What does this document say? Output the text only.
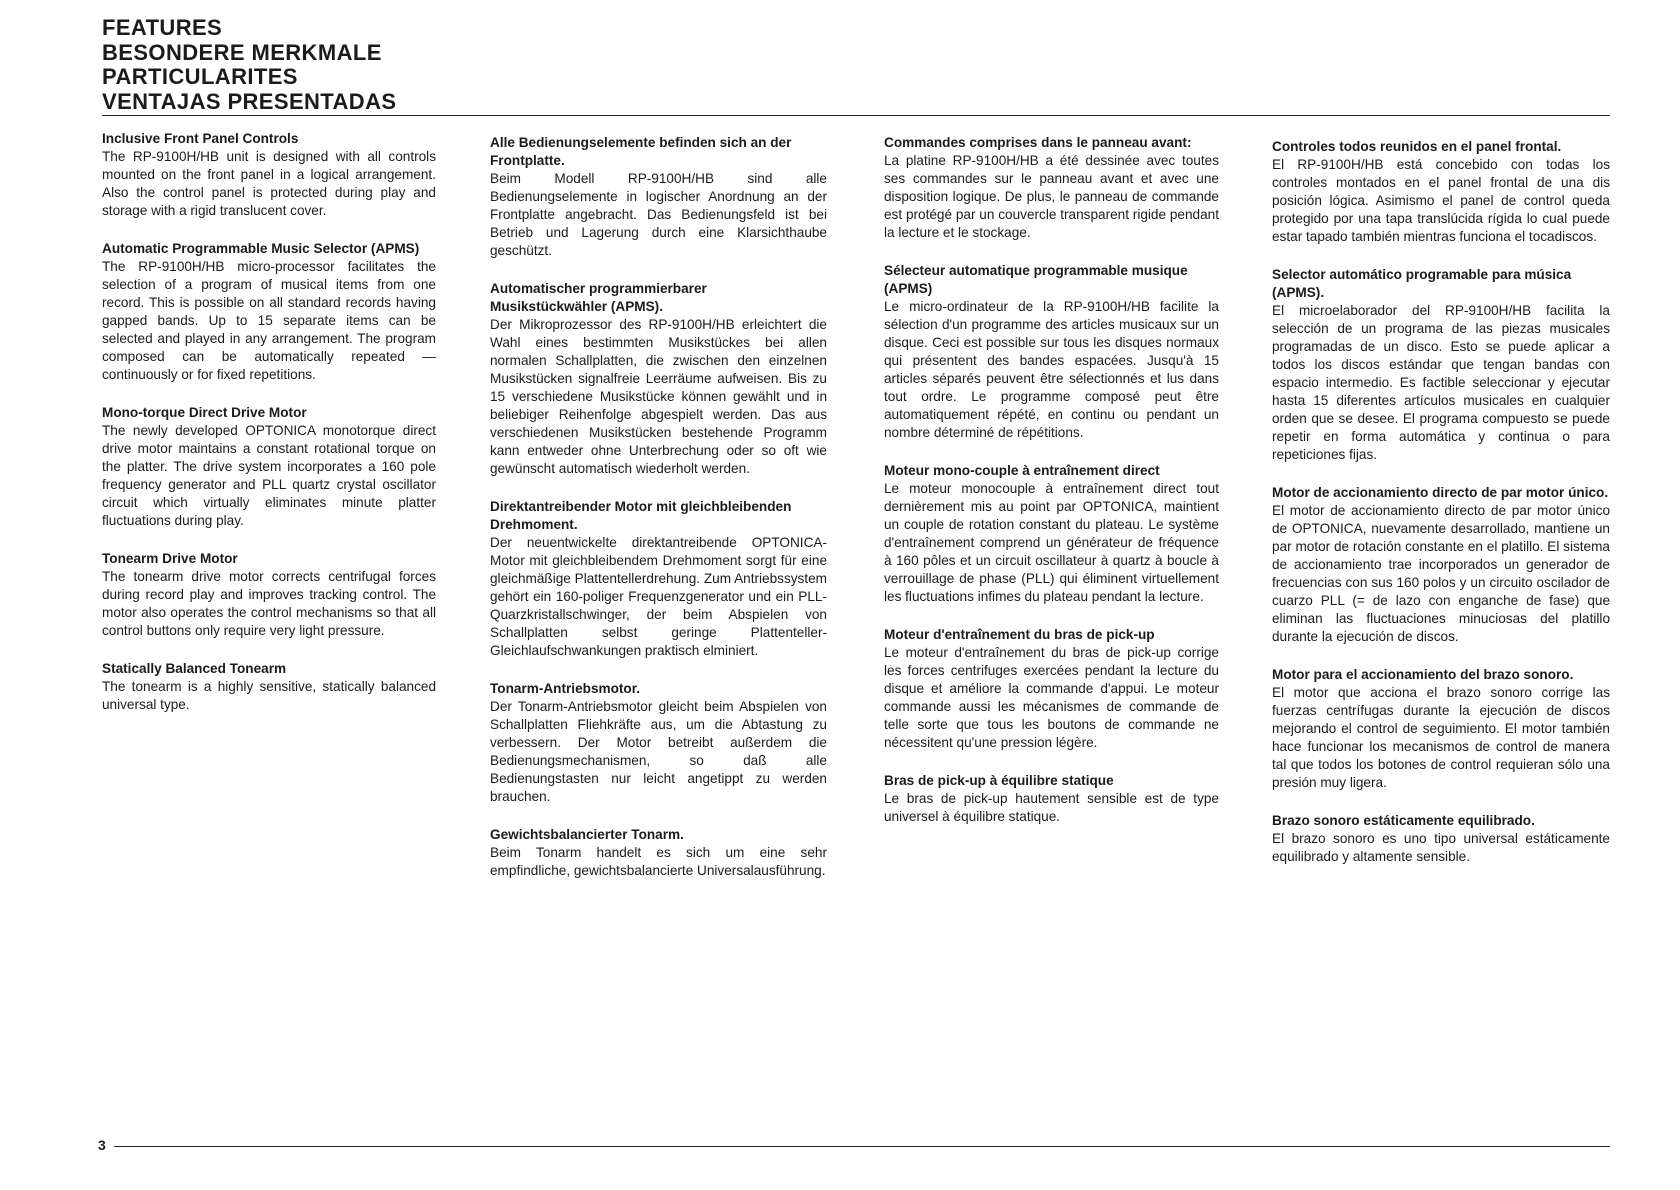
FEATURES
BESONDERE MERKMALE
PARTICULARITES
VENTAJAS PRESENTADAS
Inclusive Front Panel Controls

The RP-9100H/HB unit is designed with all controls mounted on the front panel in a logical arrangement. Also the control panel is protected during play and storage with a rigid translucent cover.

Automatic Programmable Music Selector (APMS)

The RP-9100H/HB micro-processor facilitates the selection of a program of musical items from one record. This is possible on all standard records having gapped bands. Up to 15 separate items can be selected and played in any arrangement. The program composed can be automatically repeated — continuously or for fixed repetitions.

Mono-torque Direct Drive Motor

The newly developed OPTONICA monotorque direct drive motor maintains a constant rotational torque on the platter. The drive system incorporates a 160 pole frequency generator and PLL quartz crystal oscillator circuit which virtually eliminates minute platter fluctuations during play.

Tonearm Drive Motor

The tonearm drive motor corrects centrifugal forces during record play and improves tracking control. The motor also operates the control mechanisms so that all control buttons only require very light pressure.

Statically Balanced Tonearm

The tonearm is a highly sensitive, statically balanced universal type.

Alle Bedienungselemente befinden sich an der Frontplatte.

Beim Modell RP-9100H/HB sind alle Bedienungselemente in logischer Anordnung an der Frontplatte angebracht. Das Bedienungsfeld ist bei Betrieb und Lagerung durch eine Klarsichthaube geschützt.

Automatischer programmierbarer Musikstückwähler (APMS).

Der Mikroprozessor des RP-9100H/HB erleichtert die Wahl eines bestimmten Musikstückes bei allen normalen Schallplatten, die zwischen den einzelnen Musikstücken signalfreie Leerräume aufweisen. Bis zu 15 verschiedene Musikstücke können gewählt und in beliebiger Reihenfolge abgespielt werden. Das aus verschiedenen Musikstücken bestehende Programm kann entweder ohne Unterbrechung oder so oft wie gewünscht automatisch wiederholt werden.

Direktantreibender Motor mit gleichbleibenden Drehmoment.

Der neuentwickelte direktantreibende OPTONICA-Motor mit gleichbleibendem Drehmoment sorgt für eine gleichmäßige Plattentellerdrehung. Zum Antriebssystem gehört ein 160-poliger Frequenzgenerator und ein PLL-Quarzkristallschwinger, der beim Abspielen von Schallplatten selbst geringe Plattenteller-Gleichlaufschwankungen praktisch elminiert.

Tonarm-Antriebsmotor.

Der Tonarm-Antriebsmotor gleicht beim Abspielen von Schallplatten Fliehkräfte aus, um die Abtastung zu verbessern. Der Motor betreibt außerdem die Bedienungsmechanismen, so daß alle Bedienungstasten nur leicht angetippt zu werden brauchen.

Gewichtsbalancierter Tonarm.

Beim Tonarm handelt es sich um eine sehr empfindliche, gewichtsbalancierte Universalausführung.

Commandes comprises dans le panneau avant:

La platine RP-9100H/HB a été dessinée avec toutes ses commandes sur le panneau avant et avec une disposition logique. De plus, le panneau de commande est protégé par un couvercle transparent rigide pendant la lecture et le stockage.

Sélecteur automatique programmable musique (APMS)

Le micro-ordinateur de la RP-9100H/HB facilite la sélection d'un programme des articles musicaux sur un disque. Ceci est possible sur tous les disques normaux qui présentent des bandes espacées. Jusqu'à 15 articles séparés peuvent être sélectionnés et lus dans tout ordre. Le programme composé peut être automatiquement répété, en continu ou pendant un nombre déterminé de répétitions.

Moteur mono-couple à entraînement direct

Le moteur monocouple à entraînement direct tout dernièrement mis au point par OPTONICA, maintient un couple de rotation constant du plateau. Le système d'entraînement comprend un générateur de fréquence à 160 pôles et un circuit oscillateur à quartz à boucle à verrouillage de phase (PLL) qui éliminent virtuellement les fluctuations infimes du plateau pendant la lecture.

Moteur d'entraînement du bras de pick-up

Le moteur d'entraînement du bras de pick-up corrige les forces centrifuges exercées pendant la lecture du disque et améliore la commande d'appui. Le moteur commande aussi les mécanismes de commande de telle sorte que tous les boutons de commande ne nécessitent qu'une pression légère.

Bras de pick-up à équilibre statique

Le bras de pick-up hautement sensible est de type universel à équilibre statique.

Controles todos reunidos en el panel frontal.

El RP-9100H/HB está concebido con todas los controles montados en el panel frontal de una dis posición lógica. Asimismo el panel de control queda protegido por una tapa translúcida rígida lo cual puede estar tapado también mientras funciona el tocadiscos.

Selector automático programable para música (APMS).

El microelaborador del RP-9100H/HB facilita la selección de un programa de las piezas musicales programadas de un disco. Esto se puede aplicar a todos los discos estándar que tengan bandas con espacio intermedio. Es factible seleccionar y ejecutar hasta 15 diferentes artículos musicales en cualquier orden que se desee. El programa compuesto se puede repetir en forma automática y continua o para repeticiones fijas.

Motor de accionamiento directo de par motor único.

El motor de accionamiento directo de par motor único de OPTONICA, nuevamente desarrollado, mantiene un par motor de rotación constante en el platillo. El sistema de accionamiento trae incorporados un generador de frecuencias con sus 160 polos y un circuito oscilador de cuarzo PLL (= de lazo con enganche de fase) que eliminan las fluctuaciones minuciosas del platillo durante la ejecución de discos.

Motor para el accionamiento del brazo sonoro.

El motor que acciona el brazo sonoro corrige las fuerzas centrífugas durante la ejecución de discos mejorando el control de seguimiento. El motor también hace funcionar los mecanismos de control de manera tal que todos los botones de control requieran sólo una presión muy ligera.

Brazo sonoro estáticamente equilibrado.

El brazo sonoro es uno tipo universal estáticamente equilibrado y altamente sensible.

3
